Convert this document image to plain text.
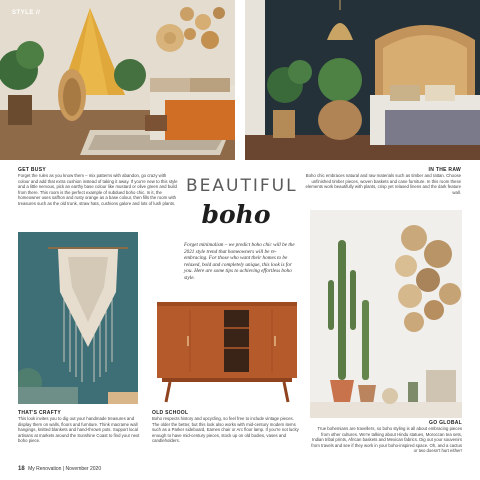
STYLE //
GET BUSY
Forget the rules as you know them – mix patterns with abandon, go crazy with colour and add that extra cushion instead of taking it away. If you're new to this style and a little nervous, pick an earthy base colour like mustard or olive green and build from there. This room is the perfect example of subdued boho chic. In it, the homeowner uses saffron and rusty orange as a base colour, then fills the room with treasures such as the old trunk, straw hats, cushions galore and lots of lush plants.
IN THE RAW
Boho chic embraces natural and raw materials such as timber and rattan. Choose unfinished timber pieces, woven baskets and cane furniture. In this room these elements work beautifully with plants, crisp yet relaxed linens and the dark feature wall.
BEAUTIFUL
boho
Forget minimalism – we predict boho chic will be the 2021 style trend that homeowners will be re-embracing. For those who want their homes to be relaxed, bold and completely unique, this look is for you. Here are some tips to achieving effortless boho style.
THAT'S CRAFTY
This look invites you to dig out your handmade treasures and display them on walls, floors and furniture. Think macrame wall hangings, knitted blankets and hand-thrown pots. Support local artisans at markets around the Sunshine Coast to find your next boho piece.
OLD SCHOOL
Boho respects history and upcycling, so feel free to include vintage pieces. The older the better, but this look also works with mid-century modern items such as a Parker sideboard, Eames chair or Arc floor lamp. If you're not lucky enough to have mid-century pieces, stock up on old bodies, vases and candleholders.
GO GLOBAL
True bohemians are travellers, so boho styling is all about embracing pieces from other cultures. We're talking about Hindu statues, Moroccan tea sets, Indian tribal prints, African baskets and Mexican fabrics. Dig out your souvenirs from travels and see if they work in your boho-inspired space. Oh, and a cactus or two doesn't hurt either!
18 My Renovation | November 2020
